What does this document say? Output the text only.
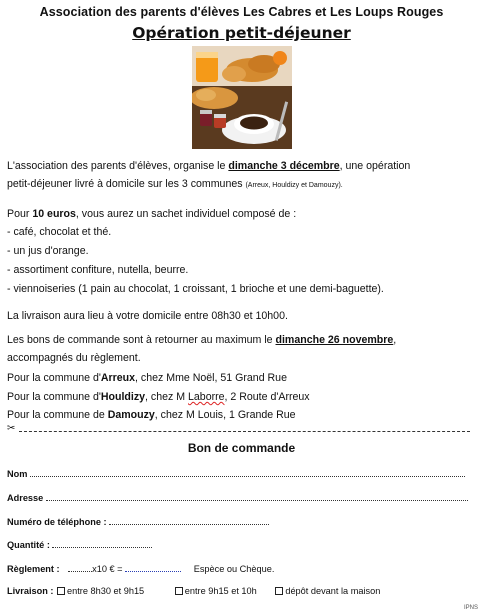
Association des parents d'élèves Les Cabres et Les Loups Rouges
Opération petit-déjeuner
L'association des parents d'élèves, organise le dimanche 3 décembre, une opération
petit-déjeuner livré à domicile sur les 3 communes (Arreux, Houldizy et Damouzy).
Pour 10 euros, vous aurez un sachet individuel composé de :
- café, chocolat et thé.
- un jus d'orange.
- assortiment confiture, nutella, beurre.
- viennoiseries (1 pain au chocolat, 1 croissant, 1 brioche et une demi-baguette).
La livraison aura lieu à votre domicile entre 08h30 et 10h00.
Les bons de commande sont à retourner au maximum le dimanche 26 novembre,
accompagnés du règlement.
Pour la commune d'Arreux, chez Mme Noël, 51 Grand Rue
Pour la commune d'Houldizy, chez M Laborre, 2 Route d'Arreux
Pour la commune de Damouzy, chez M Louis, 1 Grande Rue
✂
Bon de commande
Nom
Adresse
Numéro de téléphone :
Quantité :
Règlement :	x10 € =	Espèce ou Chèque.
Livraison : entre 8h30 et 9h15	entre 9h15 et 10h	dépôt devant la maison
IPNS
